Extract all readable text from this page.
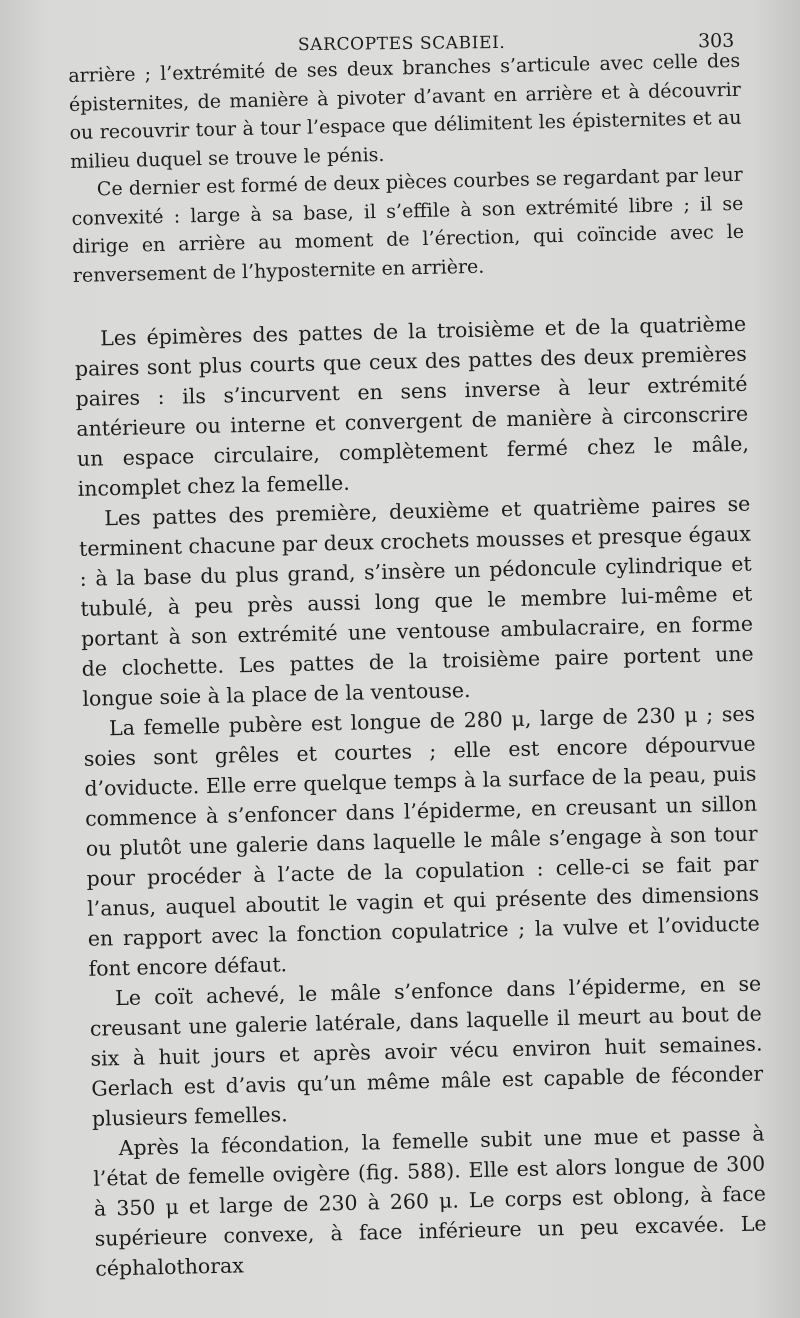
SARCOPTES SCABIEI.	303

arrière ; l’extrémité de ses deux branches s’articule avec celle des épisternites, de manière à pivoter d’avant en arrière et à découvrir ou recouvrir tour à tour l’espace que délimitent les épisternites et au milieu duquel se trouve le pénis.

Ce dernier est formé de deux pièces courbes se regardant par leur convexité : large à sa base, il s’effile à son extrémité libre ; il se dirige en arrière au moment de l’érection, qui coïncide avec le renversement de l’hyposternite en arrière.

Les épimères des pattes de la troisième et de la quatrième paires sont plus courts que ceux des pattes des deux premières paires : ils s’incurvent en sens inverse à leur extrémité antérieure ou interne et convergent de manière à circonscrire un espace circulaire, complètement fermé chez le mâle, incomplet chez la femelle.

Les pattes des première, deuxième et quatrième paires se terminent chacune par deux crochets mousses et presque égaux : à la base du plus grand, s’insère un pédoncule cylindrique et tubulé, à peu près aussi long que le membre lui-même et portant à son extrémité une ventouse ambulacraire, en forme de clochette. Les pattes de la troisième paire portent une longue soie à la place de la ventouse.

La femelle pubère est longue de 280 μ, large de 230 μ ; ses soies sont grêles et courtes ; elle est encore dépourvue d’oviducte. Elle erre quelque temps à la surface de la peau, puis commence à s’enfoncer dans l’épiderme, en creusant un sillon ou plutôt une galerie dans laquelle le mâle s’engage à son tour pour procéder à l’acte de la copulation : celle-ci se fait par l’anus, auquel aboutit le vagin et qui présente des dimensions en rapport avec la fonction copulatrice ; la vulve et l’oviducte font encore défaut.

Le coït achevé, le mâle s’enfonce dans l’épiderme, en se creusant une galerie latérale, dans laquelle il meurt au bout de six à huit jours et après avoir vécu environ huit semaines. Gerlach est d’avis qu’un même mâle est capable de féconder plusieurs femelles.

Après la fécondation, la femelle subit une mue et passe à l’état de femelle ovigère (fig. 588). Elle est alors longue de 300 à 350 μ et large de 230 à 260 μ. Le corps est oblong, à face supérieure convexe, à face inférieure un peu excavée. Le céphalothorax
